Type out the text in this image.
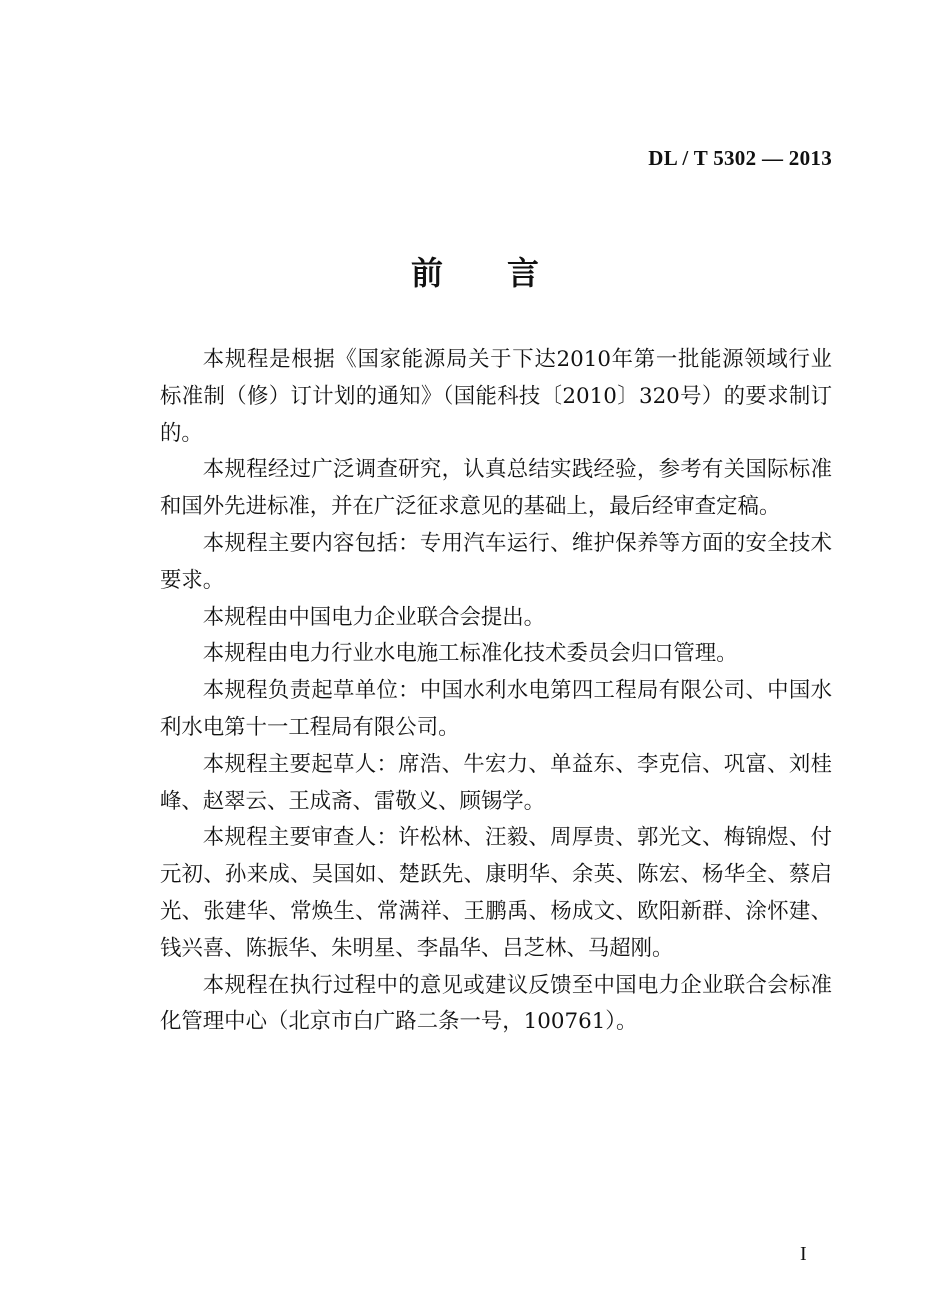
DL / T 5302 — 2013
前言

本规程是根据《国家能源局关于下达2010年第一批能源领域行业标准制（修）订计划的通知》（国能科技〔2010〕320号）的要求制订的。

本规程经过广泛调查研究，认真总结实践经验，参考有关国际标准和国外先进标准，并在广泛征求意见的基础上，最后经审查定稿。

本规程主要内容包括：专用汽车运行、维护保养等方面的安全技术要求。

本规程由中国电力企业联合会提出。

本规程由电力行业水电施工标准化技术委员会归口管理。

本规程负责起草单位：中国水利水电第四工程局有限公司、中国水利水电第十一工程局有限公司。

本规程主要起草人：席浩、牛宏力、单益东、李克信、巩富、刘桂峰、赵翠云、王成斋、雷敬义、顾锡学。

本规程主要审查人：许松林、汪毅、周厚贵、郭光文、梅锦煜、付元初、孙来成、吴国如、楚跃先、康明华、余英、陈宏、杨华全、蔡启光、张建华、常焕生、常满祥、王鹏禹、杨成文、欧阳新群、涂怀建、钱兴喜、陈振华、朱明星、李晶华、吕芝林、马超刚。

本规程在执行过程中的意见或建议反馈至中国电力企业联合会标准化管理中心（北京市白广路二条一号，100761）。

I
